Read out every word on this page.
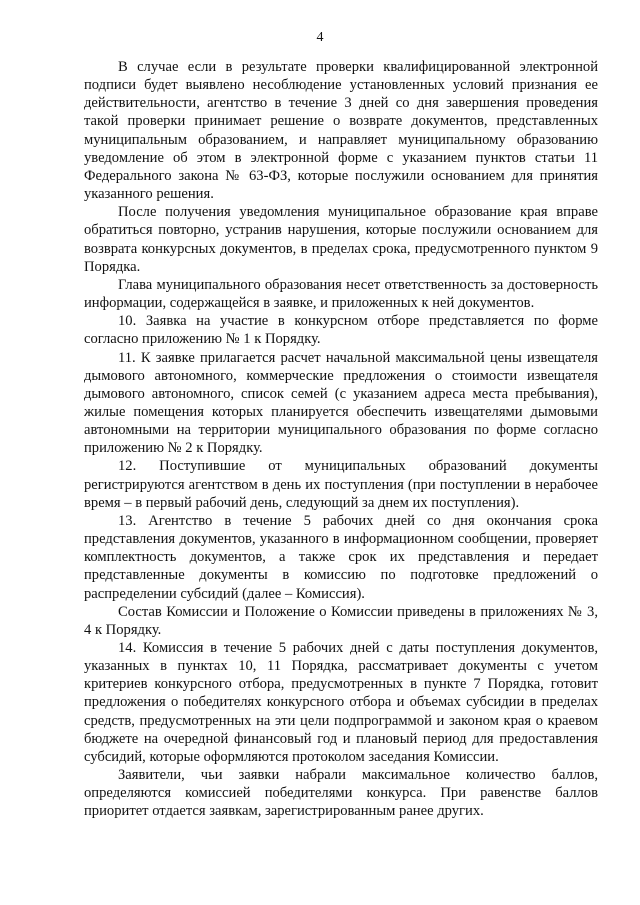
4

В случае если в результате проверки квалифицированной электронной подписи будет выявлено несоблюдение установленных условий признания ее действительности, агентство в течение 3 дней со дня завершения проведения такой проверки принимает решение о возврате документов, представленных муниципальным образованием, и направляет муниципальному образованию уведомление об этом в электронной форме с указанием пунктов статьи 11 Федерального закона № 63-ФЗ, которые послужили основанием для принятия указанного решения.

После получения уведомления муниципальное образование края вправе обратиться повторно, устранив нарушения, которые послужили основанием для возврата конкурсных документов, в пределах срока, предусмотренного пунктом 9 Порядка.

Глава муниципального образования несет ответственность за достоверность информации, содержащейся в заявке, и приложенных к ней документов.

10. Заявка на участие в конкурсном отборе представляется по форме согласно приложению № 1 к Порядку.

11. К заявке прилагается расчет начальной максимальной цены извещателя дымового автономного, коммерческие предложения о стоимости извещателя дымового автономного, список семей (с указанием адреса места пребывания), жилые помещения которых планируется обеспечить извещателями дымовыми автономными на территории муниципального образования по форме согласно приложению № 2 к Порядку.

12. Поступившие от муниципальных образований документы регистрируются агентством в день их поступления (при поступлении в нерабочее время – в первый рабочий день, следующий за днем их поступления).

13. Агентство в течение 5 рабочих дней со дня окончания срока представления документов, указанного в информационном сообщении, проверяет комплектность документов, а также срок их представления и передает представленные документы в комиссию по подготовке предложений о распределении субсидий (далее – Комиссия).

Состав Комиссии и Положение о Комиссии приведены в приложениях № 3, 4 к Порядку.

14. Комиссия в течение 5 рабочих дней с даты поступления документов, указанных в пунктах 10, 11 Порядка, рассматривает документы с учетом критериев конкурсного отбора, предусмотренных в пункте 7 Порядка, готовит предложения о победителях конкурсного отбора и объемах субсидии в пределах средств, предусмотренных на эти цели подпрограммой и законом края о краевом бюджете на очередной финансовый год и плановый период для предоставления субсидий, которые оформляются протоколом заседания Комиссии.

Заявители, чьи заявки набрали максимальное количество баллов, определяются комиссией победителями конкурса. При равенстве баллов приоритет отдается заявкам, зарегистрированным ранее других.
